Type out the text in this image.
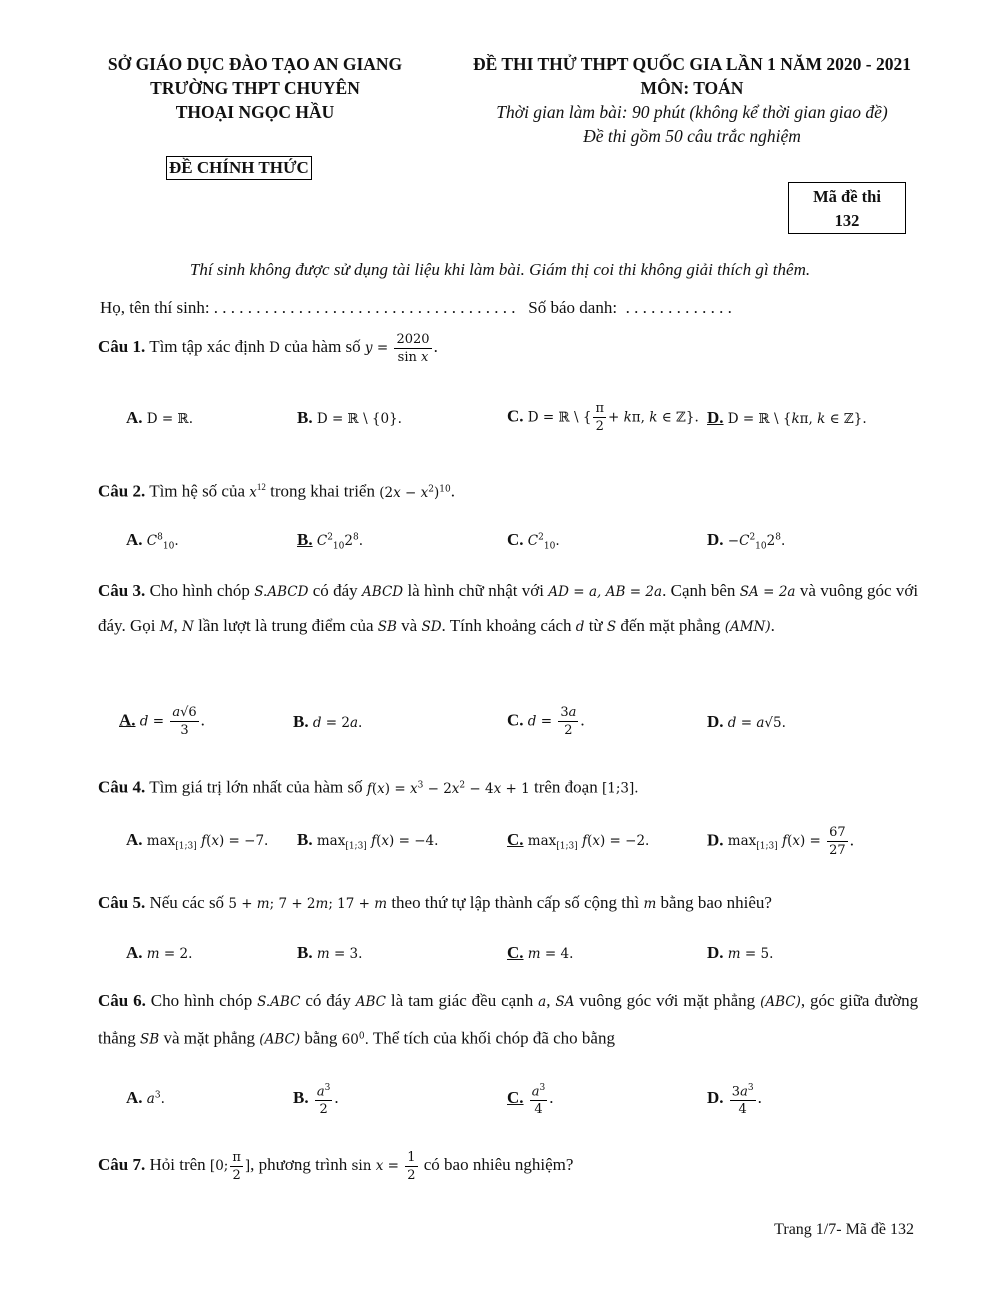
SỞ GIÁO DỤC ĐÀO TẠO AN GIANG
TRƯỜNG THPT CHUYÊN
THOẠI NGỌC HẦU
ĐỀ CHÍNH THỨC
ĐỀ THI THỬ THPT QUỐC GIA LẦN 1 NĂM 2020 - 2021
MÔN: TOÁN
Thời gian làm bài: 90 phút (không kể thời gian giao đề)
Đề thi gồm 50 câu trắc nghiệm
Mã đề thi
132
Thí sinh không được sử dụng tài liệu khi làm bài. Giám thị coi thi không giải thích gì thêm.
Họ, tên thí sinh: . . . . . . . . . . . . . . . . . . . . . . . . . . . . . . . . . . . .   Số báo danh:  . . . . . . . . . . . . .
Câu 1. Tìm tập xác định D của hàm số $y = \frac{2020}{\text{sin x}}$ .
A. D = ℝ.	B. D = ℝ \ {0}.	C. D = ℝ \ { $\frac{\pi}{2} + k\pi$, k ∈ ℤ}. D. D = ℝ \ {kπ, k ∈ ℤ}.
Câu 2. Tìm hệ số của $x^{12}$ trong khai triển $(2x - x^2)^{10}$.
A. $C^8_{10}$.	B. $C^2_{10}2^8$.	C. $C^2_{10}$.	D. $-C^2_{10}2^8$.
Câu 3. Cho hình chóp S.ABCD có đáy ABCD là hình chữ nhật với AD = a, AB = 2a. Cạnh bên SA = 2a và vuông góc với đáy. Gọi M, N lần lượt là trung điểm của SB và SD. Tính khoảng cách d từ S đến mặt phẳng (AMN).
A. $d = \frac{a√6}{3}$ .	B. d = 2a.	C. $d = \frac{3a}{2}$ .	D. d = a√5.
Câu 4. Tìm giá trị lớn nhất của hàm số $f(x) = x^3 - 2x^2 - 4x + 1$ trên đoạn [1;3].
A. $\max_{[1;3]} f(x) = -7$. B. $\max_{[1;3]} f(x) = -4$.	C. $\max_{[1;3]} f(x) = -2$.	D. $\max_{[1;3]} f(x) = \frac{67}{27}$ .
Câu 5. Nếu các số 5 + m; 7 + 2m; 17 + m theo thứ tự lập thành cấp số cộng thì m bằng bao nhiêu?
A. m = 2.	B. m = 3.	C. m = 4.	D. m = 5.
Câu 6. Cho hình chóp S.ABC có đáy ABC là tam giác đều cạnh a, SA vuông góc với mặt phẳng (ABC), góc giữa đường thẳng SB và mặt phẳng (ABC) bằng $60^0$. Thể tích của khối chóp đã cho bằng
A. $a^3$.	B. $\frac{a^3}{2}$ .	C. $\frac{a^3}{4}$ .	D. $\frac{3a^3}{4}$ .
Câu 7. Hỏi trên [0; $\frac{\pi}{2}$ ], phương trình $\sin x = \frac{1}{2}$ có bao nhiêu nghiệm?
Trang 1/7- Mã đề 132
